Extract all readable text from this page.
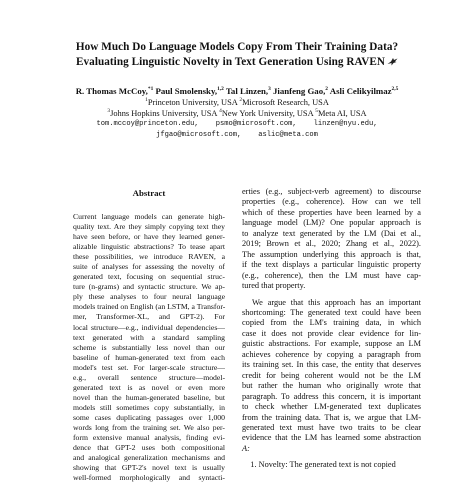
How Much Do Language Models Copy From Their Training Data?
Evaluating Linguistic Novelty in Text Generation Using RAVEN
R. Thomas McCoy,$^{*1}$ Paul Smolensky,$^{1,2}$ Tal Linzen,$^3$ Jianfeng Gao,$^2$ Asli Celikyilmaz$^{2,5}$
$^1$Princeton University, USA $^2$Microsoft Research, USA
$^3$Johns Hopkins University, USA $^4$New York University, USA $^5$Meta AI, USA
tom.mccoy@princeton.edu,    psmo@microsoft.com,    linzen@nyu.edu,
jfgao@microsoft.com,    aslic@meta.com
Abstract
Current language models can generate high-
quality text. Are they simply copying text they
have seen before, or have they learned gener-
alizable linguistic abstractions? To tease apart
these possibilities, we introduce RAVEN, a
suite of analyses for assessing the novelty of
generated text, focusing on sequential struc-
ture (n-grams) and syntactic structure. We ap-
ply these analyses to four neural language
models trained on English (an LSTM, a Transfor-
mer, Transformer-XL, and GPT-2). For
local structure—e.g., individual dependencies—
text generated with a standard sampling
scheme is substantially less novel than our
baseline of human-generated text from each
model's test set. For larger-scale structure—
e.g., overall sentence structure—model-
generated text is as novel or even more
novel than the human-generated baseline, but
models still sometimes copy substantially, in
some cases duplicating passages over 1,000
words long from the training set. We also per-
form extensive manual analysis, finding evi-
dence that GPT-2 uses both compositional
and analogical generalization mechanisms and
showing that GPT-2's novel text is usually
well-formed morphologically and syntacti-
erties (e.g., subject-verb agreement) to discourse
properties (e.g., coherence). How can we tell
which of these properties have been learned by a
language model (LM)? One popular approach is
to analyze text generated by the LM (Dai et al.,
2019; Brown et al., 2020; Zhang et al., 2022).
The assumption underlying this approach is that,
if the text displays a particular linguistic property
(e.g., coherence), then the LM must have cap-
tured that property.
We argue that this approach has an important
shortcoming: The generated text could have been
copied from the LM's training data, in which
case it does not provide clear evidence for lin-
guistic abstractions. For example, suppose an LM
achieves coherence by copying a paragraph from
its training set. In this case, the entity that deserves
credit for being coherent would not be the LM
but rather the human who originally wrote that
paragraph. To address this concern, it is important
to check whether LM-generated text duplicates
from the training data. That is, we argue that LM-
generated text must have two traits to be clear
evidence that the LM has learned some abstraction
A:
1. Novelty: The generated text is not copied
